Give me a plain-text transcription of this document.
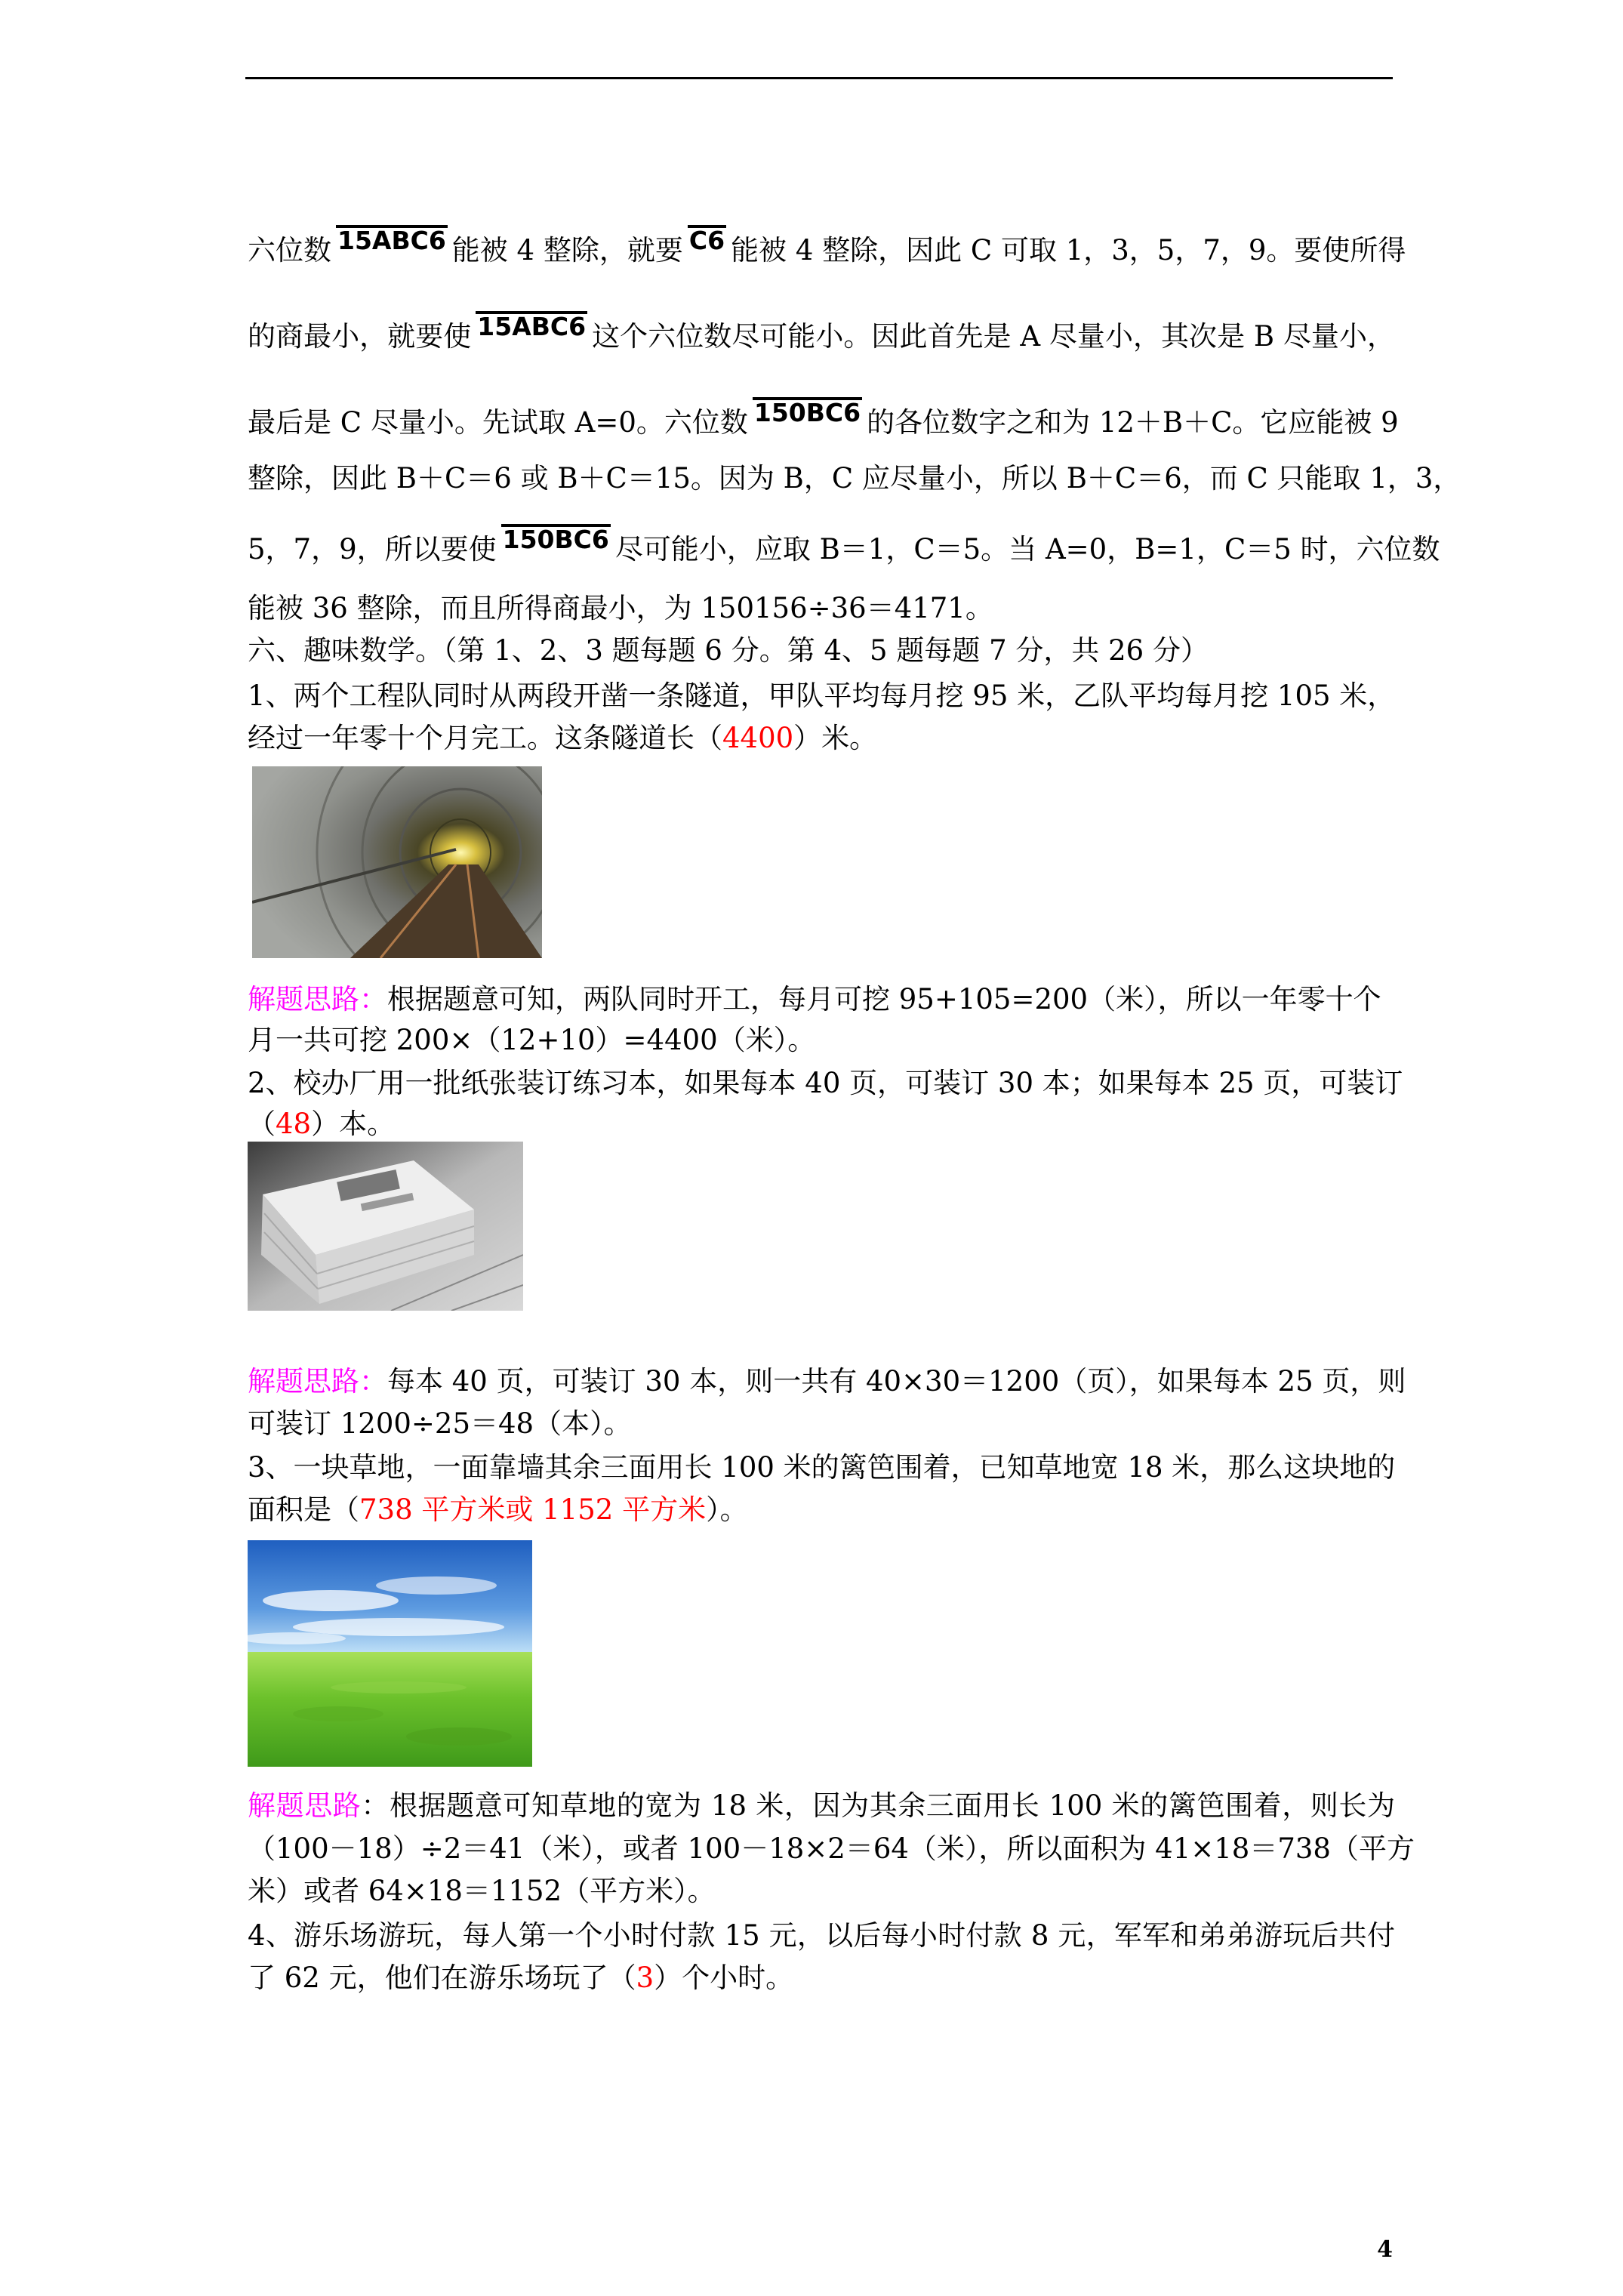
六位数 15ABC6 能被 4 整除，就要 C6 能被 4 整除，因此 C 可取 1，3，5，7，9。要使所得
的商最小，就要使 15ABC6 这个六位数尽可能小。因此首先是 A 尽量小，其次是 B 尽量小，
最后是 C 尽量小。先试取 A=0。六位数 150BC6 的各位数字之和为 12＋B＋C。它应能被 9
整除，因此 B＋C＝6 或 B＋C＝15。因为 B，C 应尽量小，所以 B＋C＝6，而 C 只能取 1，3，
5，7，9，所以要使 150BC6 尽可能小，应取 B＝1，C＝5。当 A=0，B=1，C＝5 时，六位数
能被 36 整除，而且所得商最小，为 150156÷36＝4171。
六、趣味数学。（第 1、2、3 题每题 6 分。第 4、5 题每题 7 分，共 26 分）
1、两个工程队同时从两段开凿一条隧道，甲队平均每月挖 95 米，乙队平均每月挖 105 米，
经过一年零十个月完工。这条隧道长（4400）米。
解题思路：根据题意可知，两队同时开工，每月可挖 95+105=200（米），所以一年零十个
月一共可挖 200×（12+10）=4400（米）。
2、校办厂用一批纸张装订练习本，如果每本 40 页，可装订 30 本；如果每本 25 页，可装订
（48）本。
解题思路：每本 40 页，可装订 30 本，则一共有 40×30＝1200（页），如果每本 25 页，则
可装订 1200÷25＝48（本）。
3、一块草地，一面靠墙其余三面用长 100 米的篱笆围着，已知草地宽 18 米，那么这块地的
面积是（738 平方米或 1152 平方米）。
解题思路：根据题意可知草地的宽为 18 米，因为其余三面用长 100 米的篱笆围着，则长为
（100－18）÷2＝41（米），或者 100－18×2＝64（米），所以面积为 41×18＝738（平方
米）或者 64×18＝1152（平方米）。
4、游乐场游玩，每人第一个小时付款 15 元，以后每小时付款 8 元，军军和弟弟游玩后共付
了 62 元，他们在游乐场玩了（3）个小时。
4
